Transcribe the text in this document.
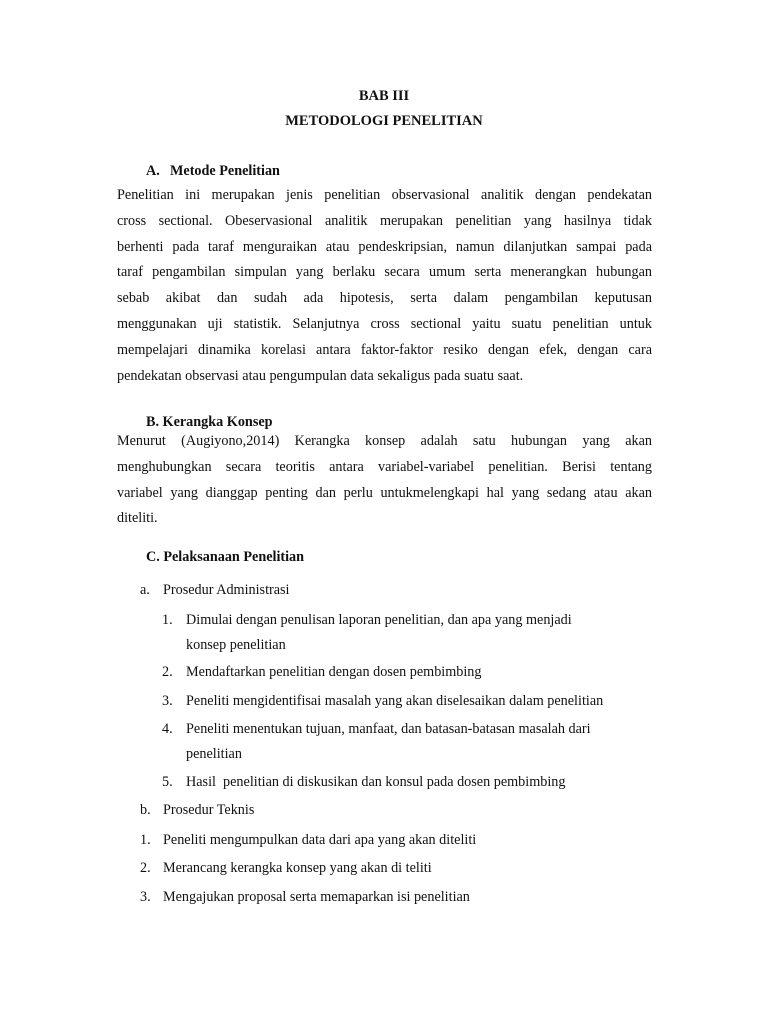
BAB III
METODOLOGI PENELITIAN
A. Metode Penelitian
Penelitian ini merupakan jenis penelitian observasional analitik dengan pendekatan
cross sectional. Obeservasional analitik merupakan penelitian yang hasilnya tidak
berhenti pada taraf menguraikan atau pendeskripsian, namun dilanjutkan sampai pada
taraf pengambilan simpulan yang berlaku secara umum serta menerangkan hubungan
sebab akibat dan sudah ada hipotesis, serta dalam pengambilan keputusan
menggunakan uji statistik. Selanjutnya cross sectional yaitu suatu penelitian untuk
mempelajari dinamika korelasi antara faktor-faktor resiko dengan efek, dengan cara
pendekatan observasi atau pengumpulan data sekaligus pada suatu saat.
B. Kerangka Konsep
Menurut (Augiyono,2014) Kerangka konsep adalah satu hubungan yang akan
menghubungkan secara teoritis antara variabel-variabel penelitian. Berisi tentang
variabel yang dianggap penting dan perlu untukmelengkapi hal yang sedang atau akan
diteliti.
C. Pelaksanaan Penelitian
a. Prosedur Administrasi
1. Dimulai dengan penulisan laporan penelitian, dan apa yang menjadi
konsep penelitian
2. Mendaftarkan penelitian dengan dosen pembimbing
3. Peneliti mengidentifisai masalah yang akan diselesaikan dalam penelitian
4. Peneliti menentukan tujuan, manfaat, dan batasan-batasan masalah dari
penelitian
5. Hasil  penelitian di diskusikan dan konsul pada dosen pembimbing
b. Prosedur Teknis
1. Peneliti mengumpulkan data dari apa yang akan diteliti
2. Merancang kerangka konsep yang akan di teliti
3. Mengajukan proposal serta memaparkan isi penelitian
